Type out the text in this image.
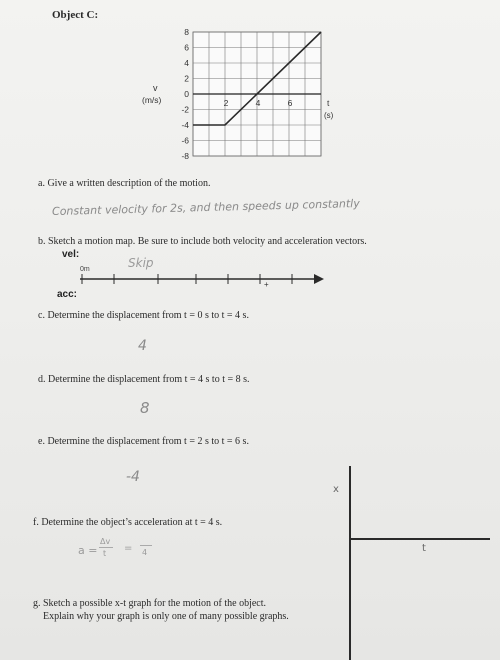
Object C:
8
6
4
2
0
-2
-4
-6
-8
2	4	6
v
(m/s)	t
(s)
a. Give a written description of the motion.
Constant velocity for 2s, and then speeds up constantly
b. Sketch a motion map. Be sure to include both velocity and acceleration vectors.
vel:
Skip
0m
+
acc:
c. Determine the displacement from t = 0 s to t = 4 s.
4
d. Determine the displacement from t = 4 s to t = 8 s.
8
e. Determine the displacement from t = 2 s to t = 6 s.
-4
x
t
f. Determine the object’s acceleration at t = 4 s.
a =
Δv
t = 4
g. Sketch a possible x-t graph for the motion of the object.
Explain why your graph is only one of many possible graphs.
